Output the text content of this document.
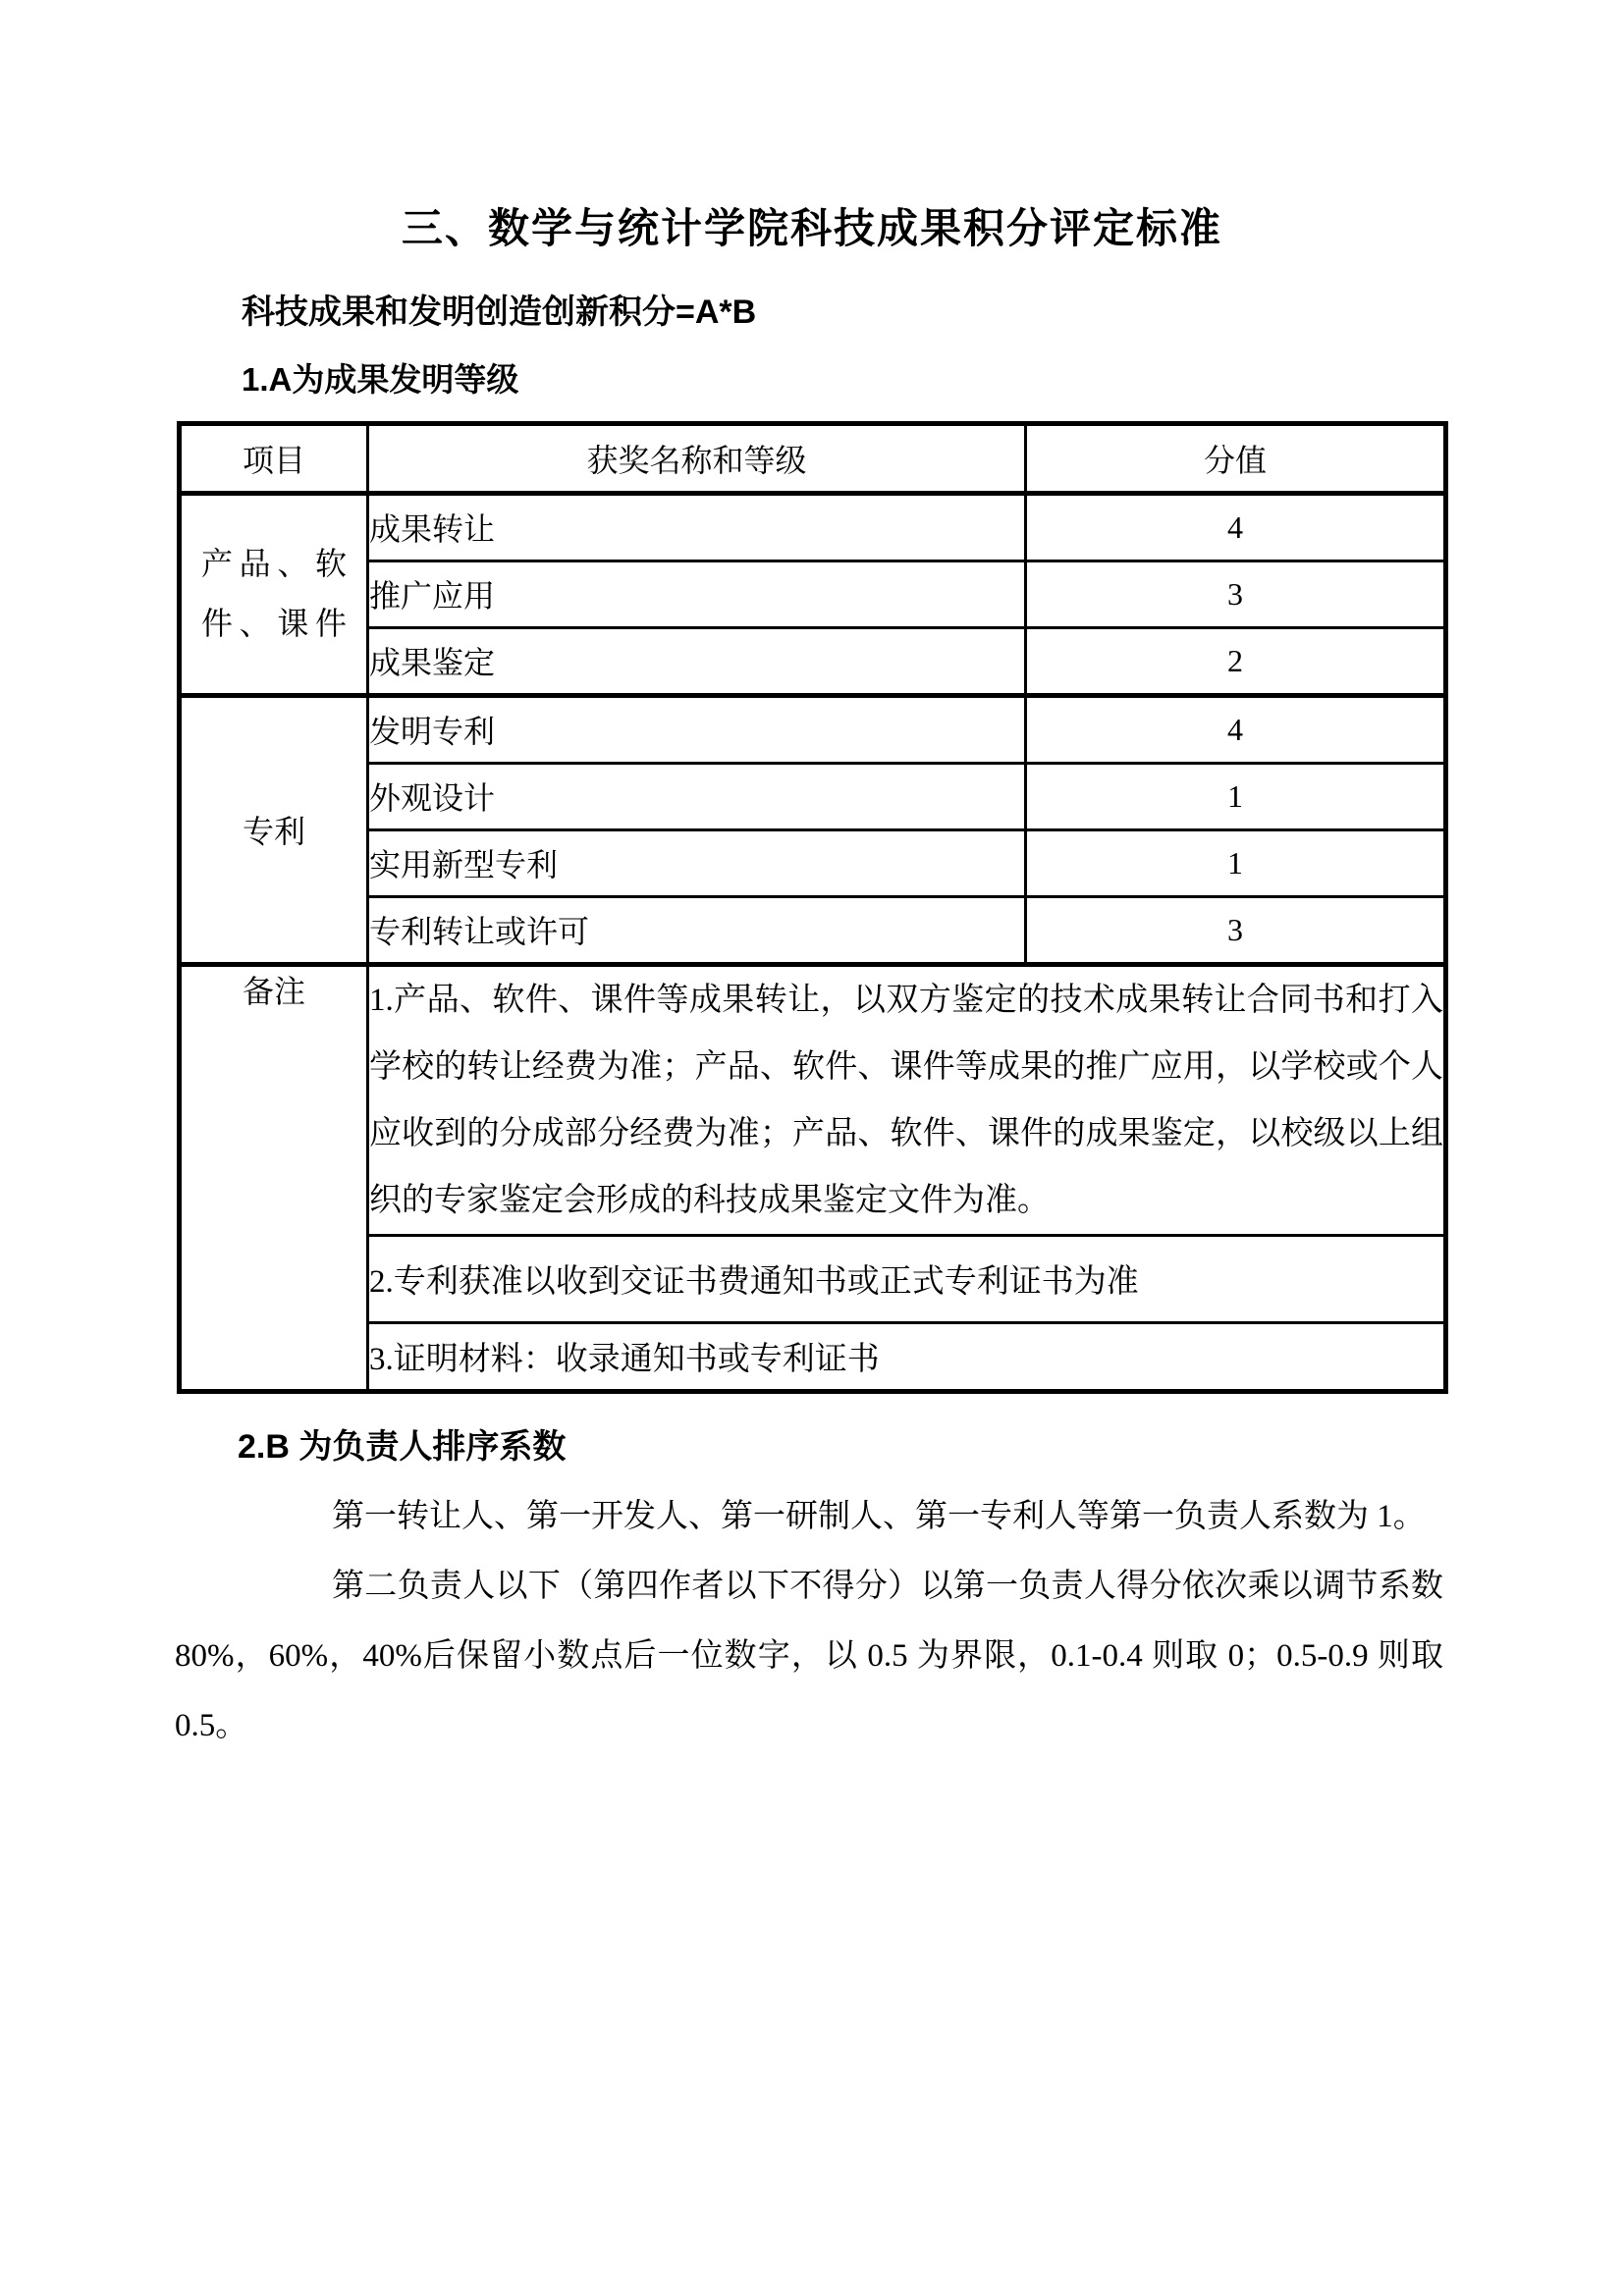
三、数学与统计学院科技成果积分评定标准
科技成果和发明创造创新积分=A*B
1.A为成果发明等级
项目	获奖名称和等级	分值

产品、软件、课件	成果转让	4
	推广应用	3
	成果鉴定	2
专利	发明专利	4
	外观设计	1
	实用新型专利	1
	专利转让或许可	3
备注	1.产品、软件、课件等成果转让，以双方鉴定的技术成果转让合同书和打入学校的转让经费为准；产品、软件、课件等成果的推广应用，以学校或个人应收到的分成部分经费为准；产品、软件、课件的成果鉴定，以校级以上组织的专家鉴定会形成的科技成果鉴定文件为准。	
	2.专利获准以收到交证书费通知书或正式专利证书为准	
	3.证明材料：收录通知书或专利证书	
2.B 为负责人排序系数
第一转让人、第一开发人、第一研制人、第一专利人等第一负责人系数为 1。
第二负责人以下（第四作者以下不得分）以第一负责人得分依次乘以调节系数 80%，60%，40%后保留小数点后一位数字，以 0.5 为界限，0.1-0.4 则取 0；0.5-0.9 则取 0.5。
